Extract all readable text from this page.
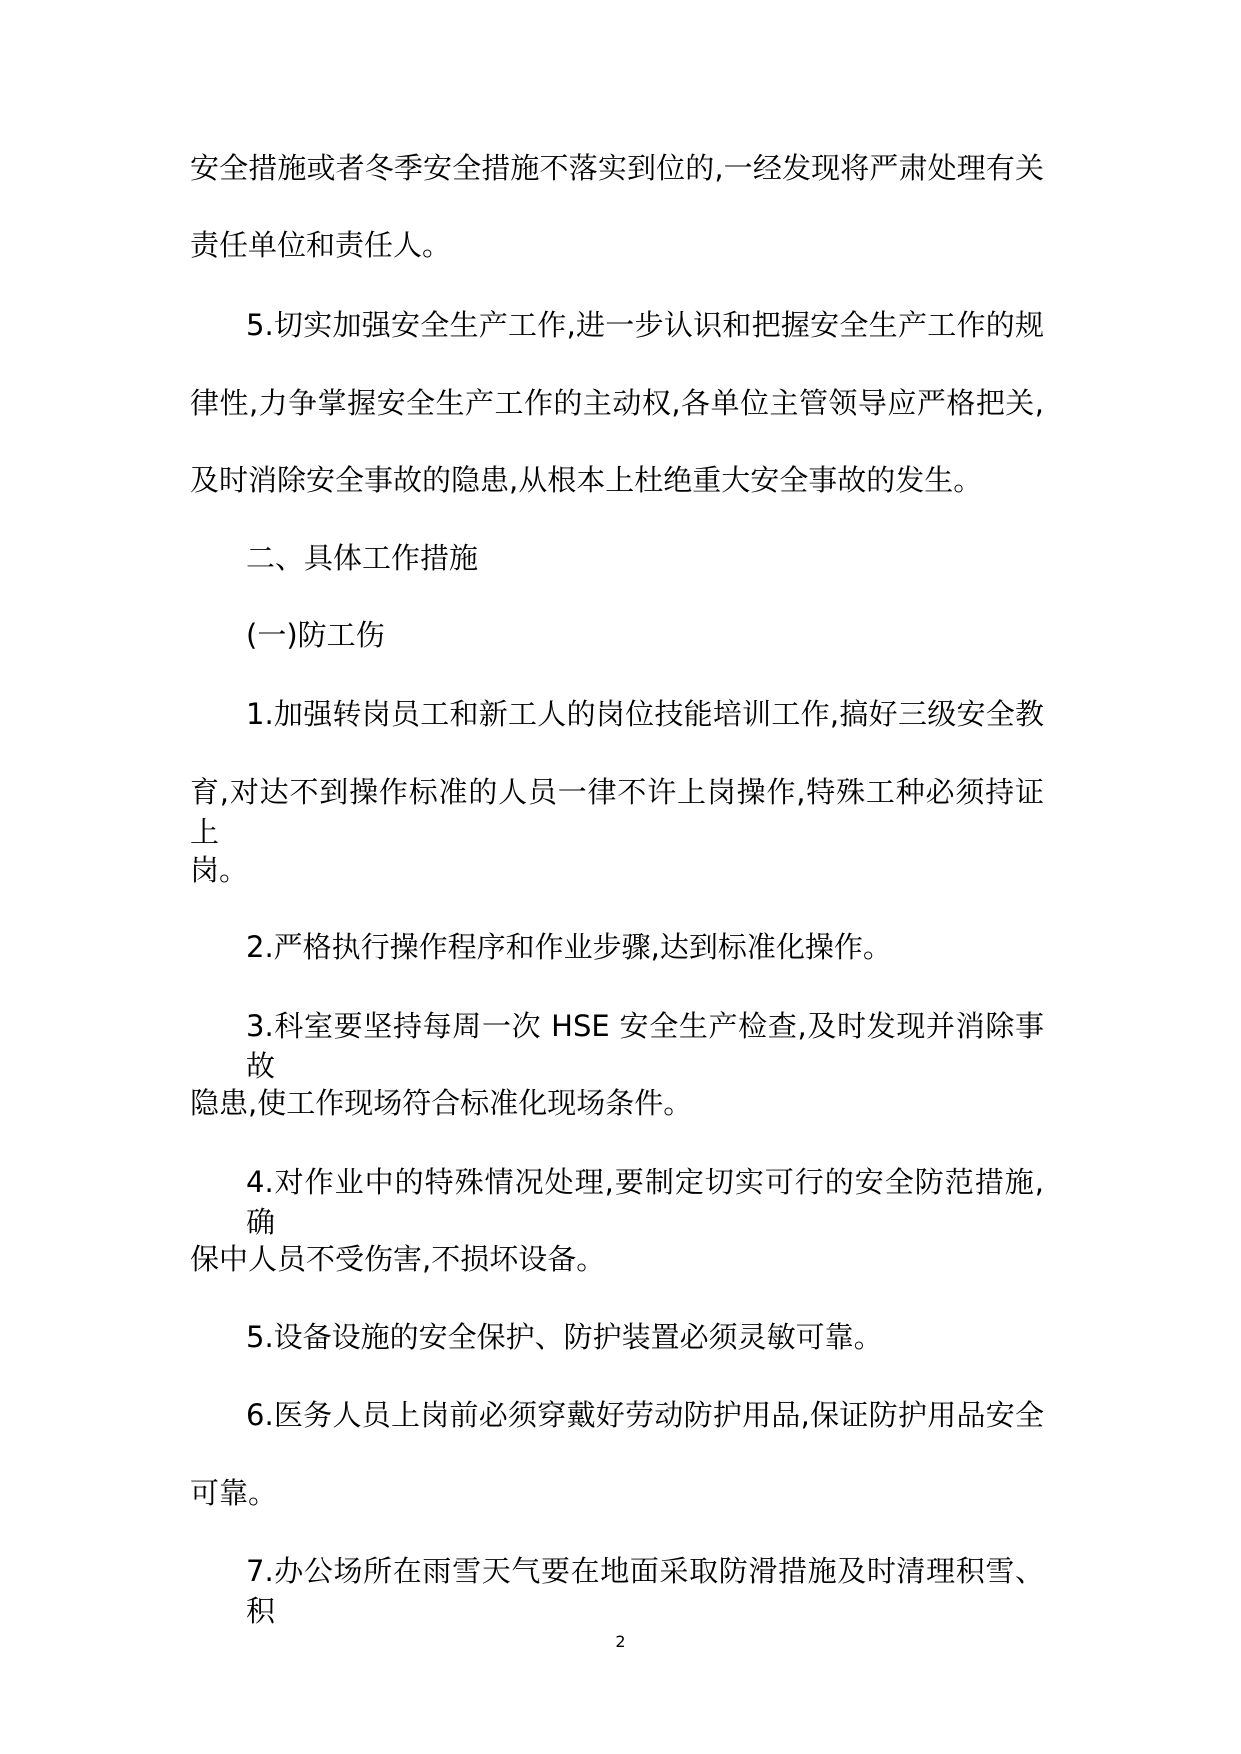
安全措施或者冬季安全措施不落实到位的,一经发现将严肃处理有关
责任单位和责任人。
5.切实加强安全生产工作,进一步认识和把握安全生产工作的规
律性,力争掌握安全生产工作的主动权,各单位主管领导应严格把关,
及时消除安全事故的隐患,从根本上杜绝重大安全事故的发生。
二、具体工作措施
(一)防工伤
1.加强转岗员工和新工人的岗位技能培训工作,搞好三级安全教
育,对达不到操作标准的人员一律不许上岗操作,特殊工种必须持证上
岗。
2.严格执行操作程序和作业步骤,达到标准化操作。
3.科室要坚持每周一次 HSE 安全生产检查,及时发现并消除事故
隐患,使工作现场符合标准化现场条件。
4.对作业中的特殊情况处理,要制定切实可行的安全防范措施,确
保中人员不受伤害,不损坏设备。
5.设备设施的安全保护、防护装置必须灵敏可靠。
6.医务人员上岗前必须穿戴好劳动防护用品,保证防护用品安全
可靠。
7.办公场所在雨雪天气要在地面采取防滑措施及时清理积雪、积
2
